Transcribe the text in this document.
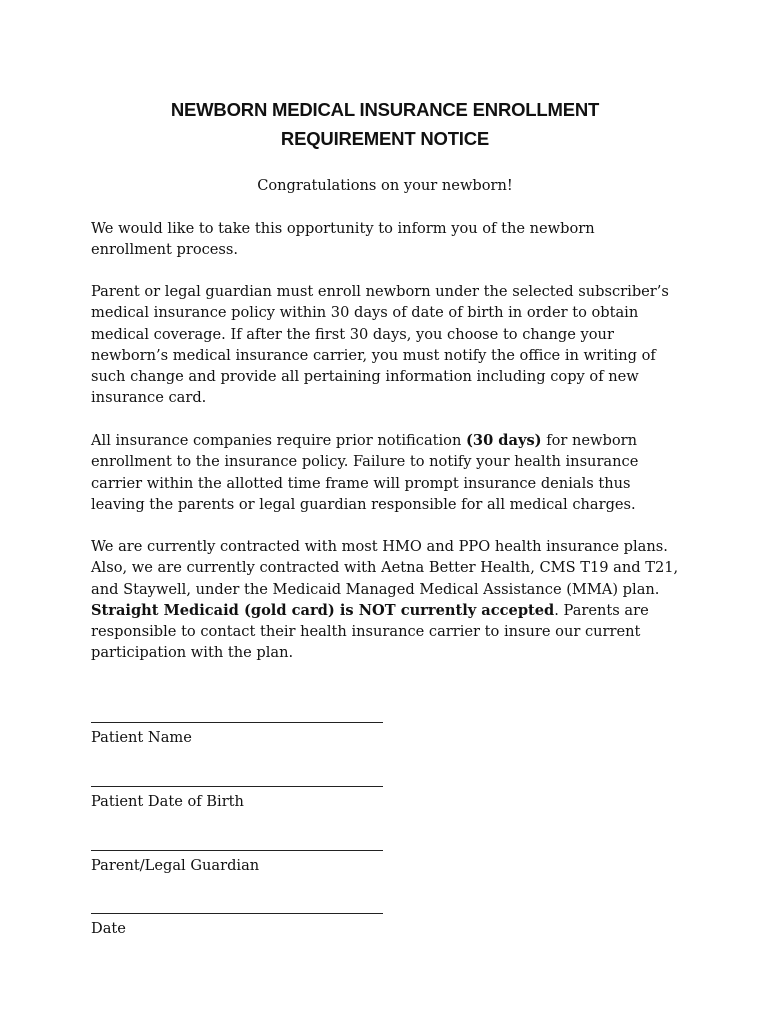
NEWBORN MEDICAL INSURANCE ENROLLMENT
REQUIREMENT NOTICE
Congratulations on your newborn!
We would like to take this opportunity to inform you of the newborn
enrollment process.
Parent or legal guardian must enroll newborn under the selected subscriber’s
medical insurance policy within 30 days of date of birth in order to obtain
medical coverage. If after the first 30 days, you choose to change your
newborn’s medical insurance carrier, you must notify the office in writing of
such change and provide all pertaining information including copy of new
insurance card.
All insurance companies require prior notification (30 days) for newborn
enrollment to the insurance policy. Failure to notify your health insurance
carrier within the allotted time frame will prompt insurance denials thus
leaving the parents or legal guardian responsible for all medical charges.
We are currently contracted with most HMO and PPO health insurance plans.
Also, we are currently contracted with Aetna Better Health, CMS T19 and T21,
and Staywell, under the Medicaid Managed Medical Assistance (MMA) plan.
Straight Medicaid (gold card) is NOT currently accepted. Parents are
responsible to contact their health insurance carrier to insure our current
participation with the plan.
Patient Name
Patient Date of Birth
Parent/Legal Guardian
Date
